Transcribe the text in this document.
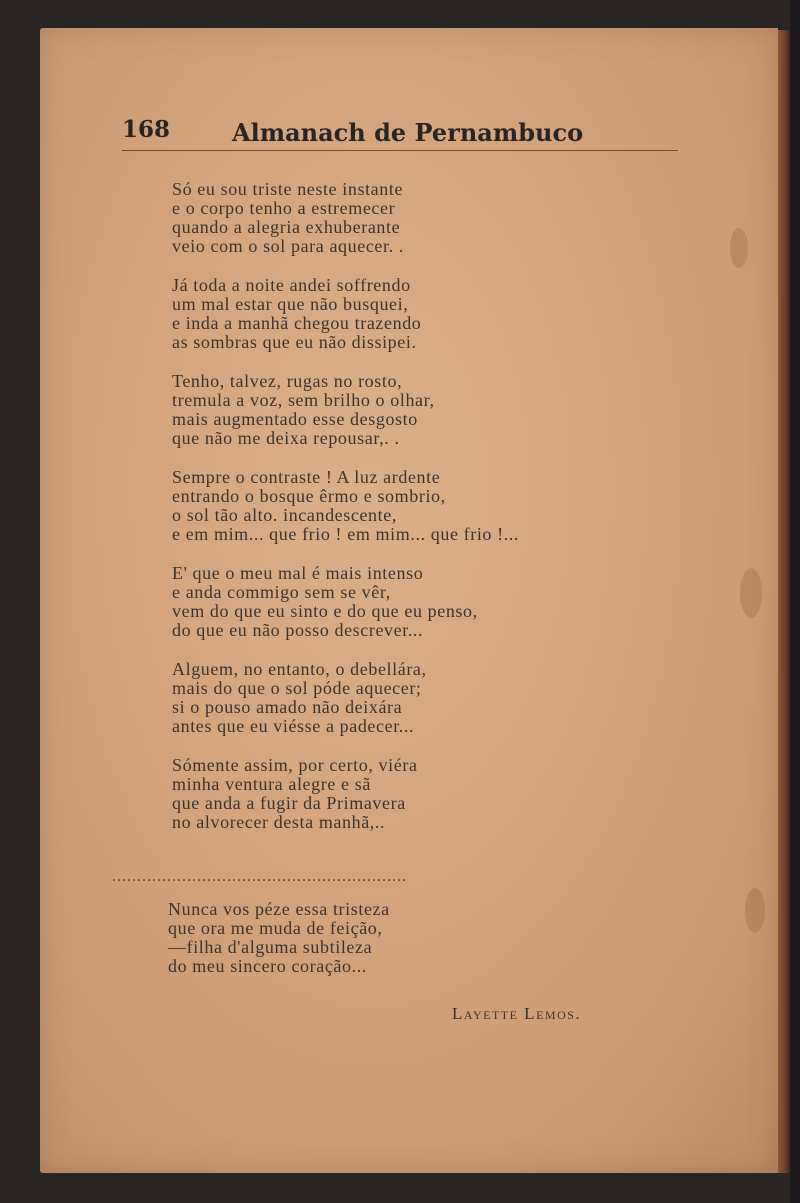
168	Almanach de Pernambuco
Só eu sou triste neste instante
e o corpo tenho a estremecer
quando a alegria exhuberante
veio com o sol para aquecer. .
Já toda a noite andei soffrendo
um mal estar que não busquei,
e inda a manhã chegou trazendo
as sombras que eu não dissipei.
Tenho, talvez, rugas no rosto,
tremula a voz, sem brilho o olhar,
mais augmentado esse desgosto
que não me deixa repousar,. .
Sempre o contraste ! A luz ardente
entrando o bosque êrmo e sombrio,
o sol tão alto. incandescente,
e em mim... que frio ! em mim... que frio !...
E' que o meu mal é mais intenso
e anda commigo sem se vêr,
vem do que eu sinto e do que eu penso,
do que eu não posso descrever...
Alguem, no entanto, o debellára,
mais do que o sol póde aquecer;
si o pouso amado não deixára
antes que eu viésse a padecer...
Sómente assim, por certo, viéra
minha ventura alegre e sã
que anda a fugir da Primavera
no alvorecer desta manhã,..
...........................................................
Nunca vos péze essa tristeza
que ora me muda de feição,
—filha d'alguma subtileza
do meu sincero coração...
Layette Lemos.
